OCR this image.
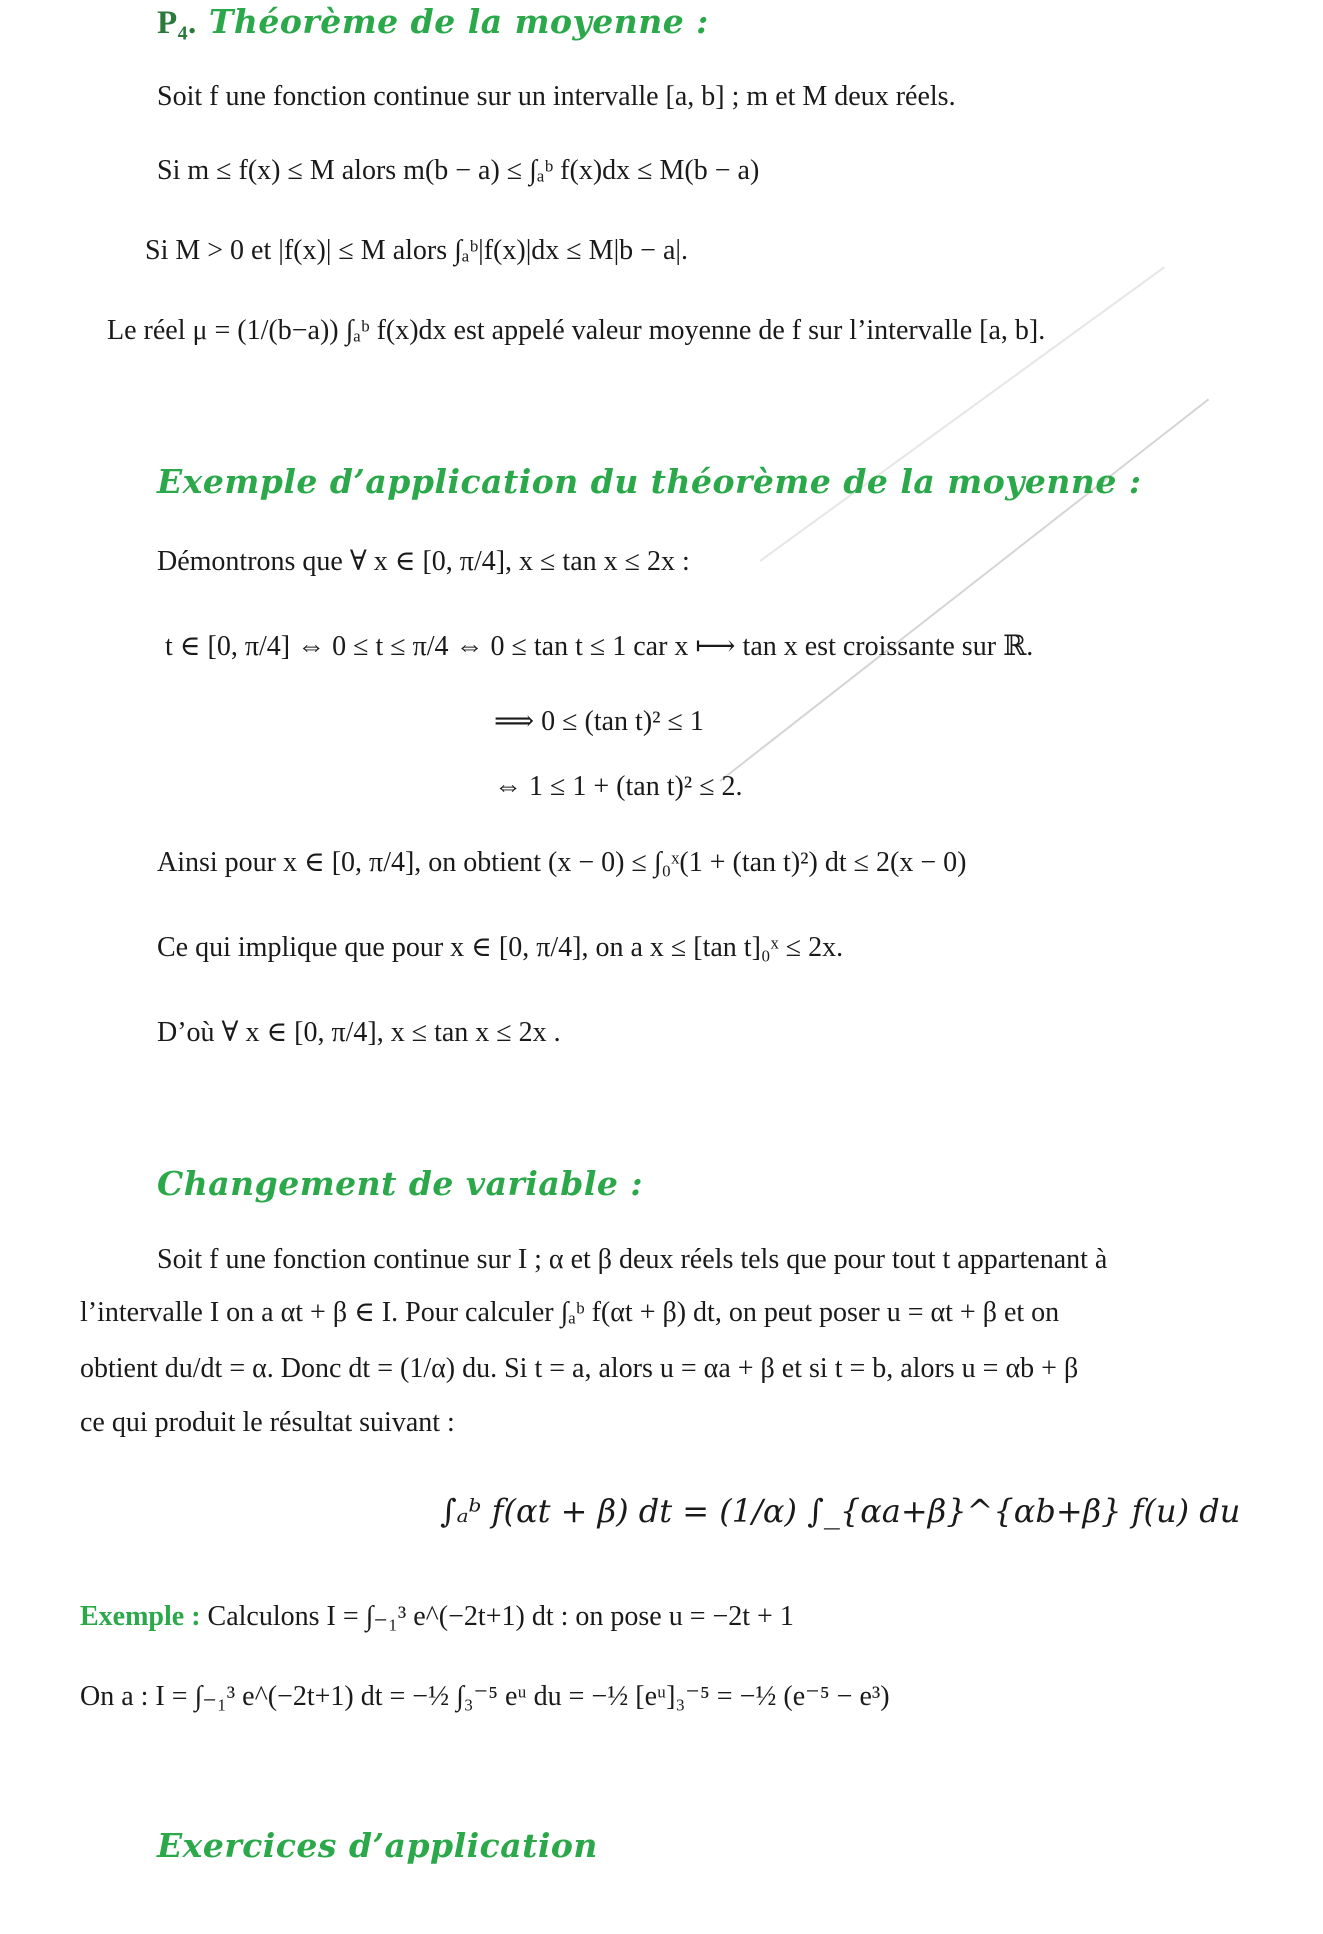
P₄. Théorème de la moyenne :
Soit f une fonction continue sur un intervalle [a, b] ; m et M deux réels.
Si m ≤ f(x) ≤ M alors m(b − a) ≤ ∫ₐᵇ f(x)dx ≤ M(b − a)
Si M > 0 et |f(x)| ≤ M alors ∫ₐᵇ|f(x)|dx ≤ M|b − a|.
Le réel μ = (1/(b−a)) ∫ₐᵇ f(x)dx est appelé valeur moyenne de f sur l’intervalle [a, b].
Exemple d’application du théorème de la moyenne :
Démontrons que ∀ x ∈ [0, π/4], x ≤ tan x ≤ 2x :
t ∈ [0, π/4] ⇔ 0 ≤ t ≤ π/4 ⇔ 0 ≤ tan t ≤ 1 car x ⟼ tan x est croissante sur ℝ.
⟹ 0 ≤ (tan t)² ≤ 1
⇔ 1 ≤ 1 + (tan t)² ≤ 2.
Ainsi pour x ∈ [0, π/4], on obtient (x − 0) ≤ ∫₀ˣ(1 + (tan t)²) dt ≤ 2(x − 0)
Ce qui implique que pour x ∈ [0, π/4], on a x ≤ [tan t]₀ˣ ≤ 2x.
D’où ∀ x ∈ [0, π/4], x ≤ tan x ≤ 2x .
Changement de variable :
Soit f une fonction continue sur I ; α et β deux réels tels que pour tout t appartenant à
l’intervalle I on a αt + β ∈ I. Pour calculer ∫ₐᵇ f(αt + β) dt, on peut poser u = αt + β et on
obtient du/dt = α. Donc dt = (1/α) du. Si t = a, alors u = αa + β et si t = b, alors u = αb + β
ce qui produit le résultat suivant :
∫ₐᵇ f(αt + β) dt = (1/α) ∫_{αa+β}^{αb+β} f(u) du
Exemple : Calculons I = ∫₋₁³ e^(−2t+1) dt : on pose u = −2t + 1
On a : I = ∫₋₁³ e^(−2t+1) dt = −½ ∫₃⁻⁵ eᵘ du = −½ [eᵘ]₃⁻⁵ = −½ (e⁻⁵ − e³)
Exercices d’application
